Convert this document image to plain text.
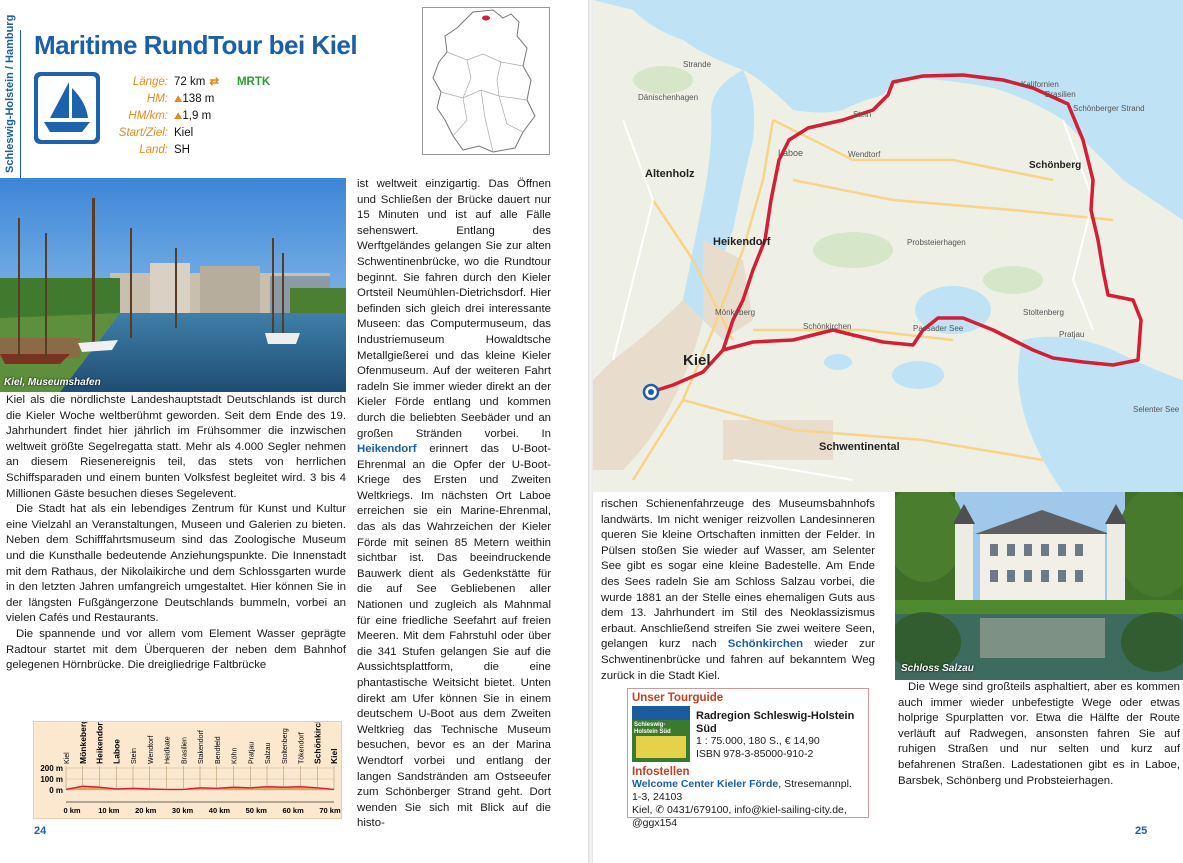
Schleswig-Holstein / Hamburg Maritime RundTour bei Kiel
Länge: 72 km ⇄ MRTK
HM: ⛰ 138 m
HM/km: ⛰ 1,9 m
Start/Ziel: Kiel
Land: SH
Kiel, Museumshafen

Kiel als die nördlichste Landeshauptstadt Deutschlands ist durch die Kieler Woche weltberühmt geworden. Seit dem Ende des 19. Jahrhundert findet hier jährlich im Frühsommer die inzwischen weltweit größte Segelregatta statt. Mehr als 4.000 Segler nehmen an diesem Riesenereignis teil, das stets von herrlichen Schiffsparaden und einem bunten Volksfest begleitet wird. 3 bis 4 Millionen Gäste besuchen dieses Segelevent.

Die Stadt hat als ein lebendiges Zentrum für Kunst und Kultur eine Vielzahl an Veranstaltungen, Museen und Galerien zu bieten. Neben dem Schifffahrtsmuseum sind das Zoologische Museum und die Kunsthalle bedeutende Anziehungspunkte. Die Innenstadt mit dem Rathaus, der Nikolaikirche und dem Schlossgarten wurde in den letzten Jahren umfangreich umgestaltet. Hier können Sie in der längsten Fußgängerzone Deutschlands bummeln, vorbei an vielen Cafés und Restaurants.

Die spannende und vor allem vom Element Wasser geprägte Radtour startet mit dem Überqueren der neben dem Bahnhof gelegenen Hörnbrücke. Die dreigliedrige Faltbrücke

ist weltweit einzigartig. Das Öffnen und Schließen der Brücke dauert nur 15 Minuten und ist auf alle Fälle sehenswert. Entlang des Werftgeländes gelangen Sie zur alten Schwentinenbrücke, wo die Rundtour beginnt. Sie fahren durch den Kieler Ortsteil Neumühlen-Dietrichsdorf. Hier befinden sich gleich drei interessante Museen: das Computermuseum, das Industriemuseum Howaldtsche Metallgießerei und das kleine Kieler Ofenmuseum. Auf der weiteren Fahrt radeln Sie immer wieder direkt an der Kieler Förde entlang und kommen durch die beliebten Seebäder und an großen Stränden vorbei. In Heikendorf erinnert das U-Boot-Ehrenmal an die Opfer der U-Boot-Kriege des Ersten und Zweiten Weltkriegs. Im nächsten Ort Laboe erreichen sie ein Marine-Ehrenmal, das als das Wahrzeichen der Kieler Förde mit seinen 85 Metern weithin sichtbar ist. Das beeindruckende Bauwerk dient als Gedenkstätte für die auf See Gebliebenen aller Nationen und zugleich als Mahnmal für eine friedliche Seefahrt auf freien Meeren. Mit dem Fahrstuhl oder über die 341 Stufen gelangen Sie auf die Aussichtsplattform, die eine phantastische Weitsicht bietet. Unten direkt am Ufer können Sie in einem deutschem U-Boot aus dem Zweiten Weltkrieg das Technische Museum besuchen, bevor es an der Marina Wendtorf vorbei und entlang der langen Sandstränden am Ostseeufer zum Schönberger Strand geht. Dort wenden Sie sich mit Blick auf die histo-

200 m
100 m
0 m
Kiel Mönkeberg Heikendorf Laboe Stein Wendtorf Heidkate Brasilien Stakendorf Bendfeld Köhn Pratjau Salzau Stoltenberg Tökendorf Schönkirchen Kiel
0 km 10 km 20 km 30 km 40 km 50 km 60 km 70 km
24
Kiel
Altenholz
Heikendorf
Laboe
Schönberg
Schwentinental
Mönkeberg
Schönkirchen
Probsteierhagen
Wendtorf
Stein
Kalifornien
Brasilien
Schönberger Strand
Passader See
Selenter See
Dänischenhagen
Strande
Pratjau
Stoltenberg

rischen Schienenfahrzeuge des Museumsbahnhofs landwärts. Im nicht weniger reizvollen Landesinneren queren Sie kleine Ortschaften inmitten der Felder. In Pülsen stoßen Sie wieder auf Wasser, am Selenter See gibt es sogar eine kleine Badestelle. Am Ende des Sees radeln Sie am Schloss Salzau vorbei, die wurde 1881 an der Stelle eines ehemaligen Guts aus dem 13. Jahrhundert im Stil des Neoklassizismus erbaut. Anschließend streifen Sie zwei weitere Seen, gelangen kurz nach Schönkirchen wieder zur Schwentinenbrücke und fahren auf bekanntem Weg zurück in die Stadt Kiel.

Schloss Salzau

Die Wege sind großteils asphaltiert, aber es kommen auch immer wieder unbefestigte Wege oder etwas holprige Spurplatten vor. Etwa die Hälfte der Route verläuft auf Radwegen, ansonsten fahren Sie auf ruhigen Straßen und nur selten und kurz auf befahrenen Straßen. Ladestationen gibt es in Laboe, Barsbek, Schönberg und Probsteierhagen.

Unser Tourguide
Schleswig-Holstein Süd
Radregion Schleswig-Holstein Süd
1 : 75.000, 180 S., € 14,90
ISBN 978-3-85000-910-2
Infostellen
Welcome Center Kieler Förde, Stresemannpl. 1-3, 24103
Kiel, ✆ 0431/679100, info@kiel-sailing-city.de, @ggx154
25
